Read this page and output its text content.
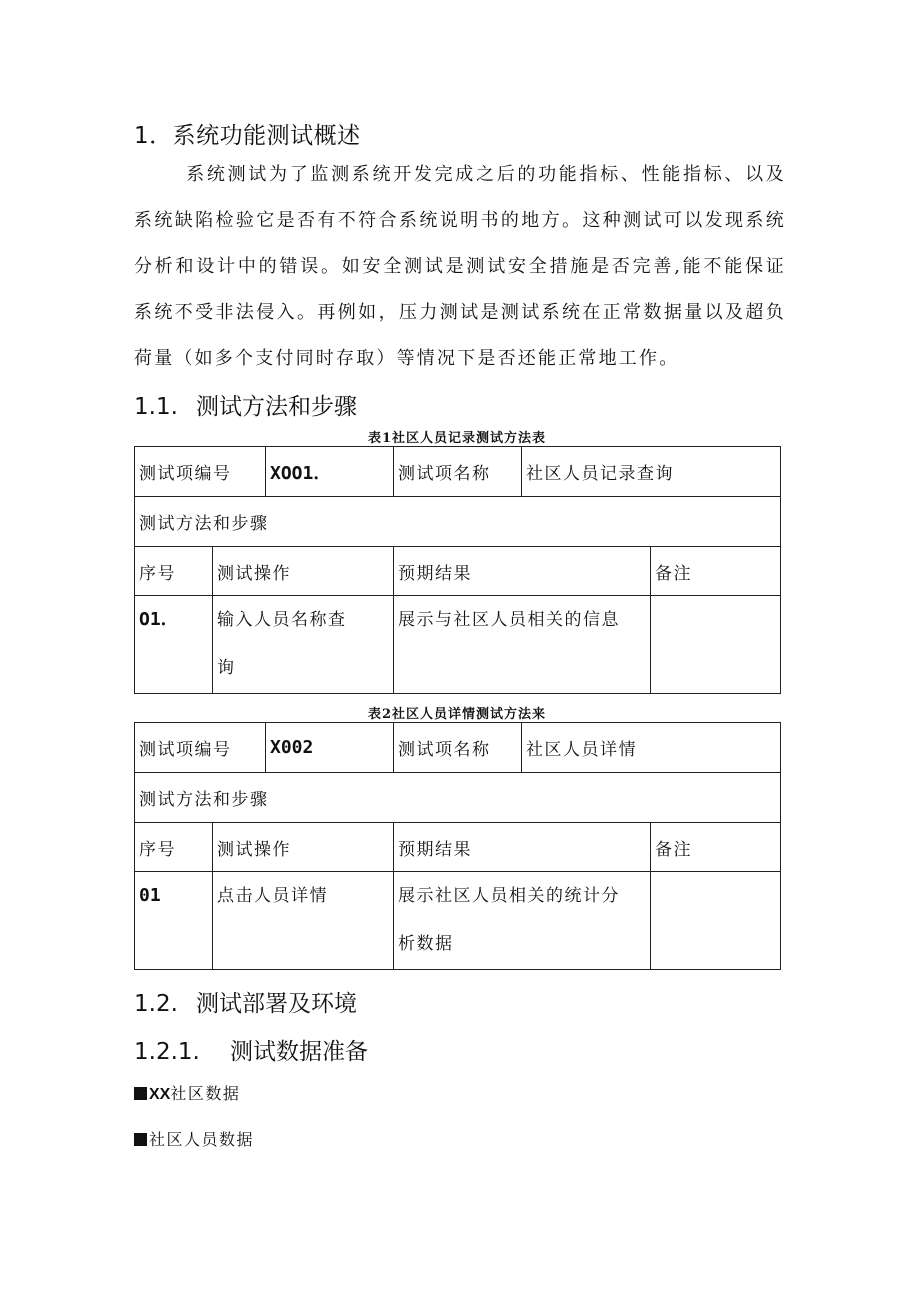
1．系统功能测试概述
系统测试为了监测系统开发完成之后的功能指标、性能指标、以及系统缺陷检验它是否有不符合系统说明书的地方。这种测试可以发现系统分析和设计中的错误。如安全测试是测试安全措施是否完善,能不能保证系统不受非法侵入。再例如，压力测试是测试系统在正常数据量以及超负荷量（如多个支付同时存取）等情况下是否还能正常地工作。
1.1. 测试方法和步骤
表1社区人员记录测试方法表
测试项编号		XOO1．	测试项名称	社区人员记录查询	
测试方法和步骤					
序号	测试操作		预期结果		备注
O1．	输入人员名称查询		展示与社区人员相关的信息		
表2社区人员详情测试方法来
测试项编号		X002	测试项名称	社区人员详情	
测试方法和步骤					
序号	测试操作		预期结果		备注
01	点击人员详情		展示社区人员相关的统计分析数据		
1.2. 测试部署及环境
1.2.1. 测试数据准备
XX社区数据
社区人员数据
